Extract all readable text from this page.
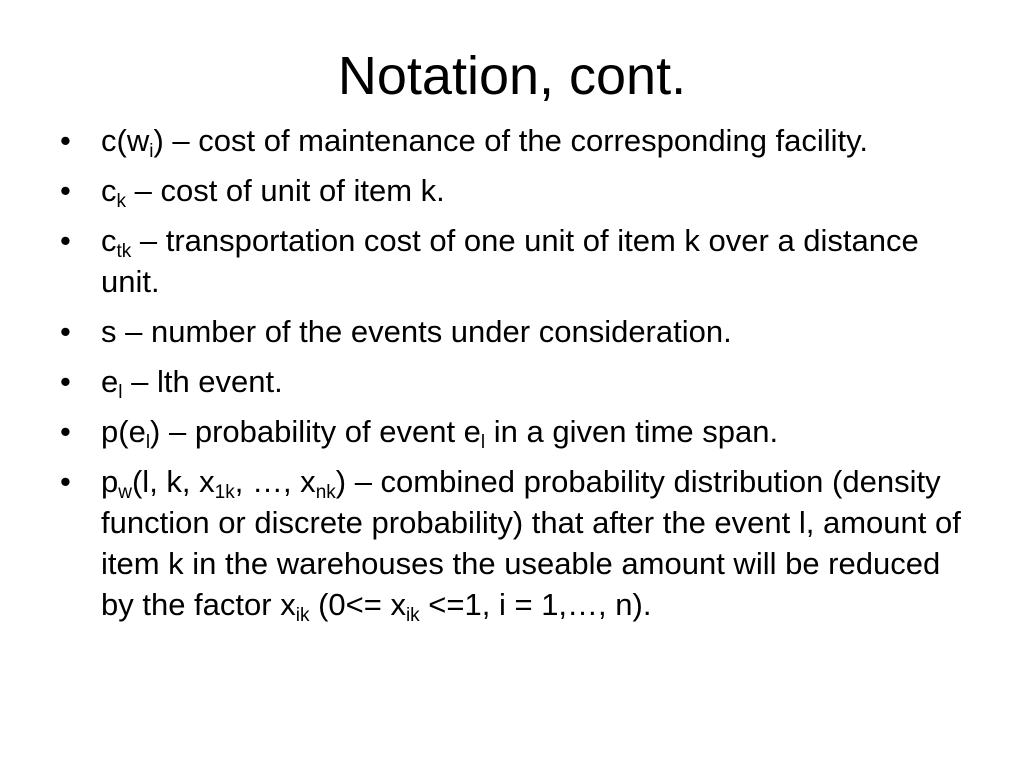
Notation, cont.
• $c(w_i)$ – cost of maintenance of the corresponding facility.
• $c_k$ – cost of unit of item k.
• $c_{tk}$ – transportation cost of one unit of item k over a distance unit.
• s – number of the events under consideration.
• $e_l$ – lth event.
• $p(e_l)$ – probability of event $e_l$ in a given time span.
• $p_w(l$, k, $x_{1k}$, …, $x_{nk}$) – combined probability distribution (density function or discrete probability) that after the event l, amount of item k in the warehouses the useable amount will be reduced by the factor $x_{ik}$ ($0<= x_{ik} <=1$, i = 1,…, n).
